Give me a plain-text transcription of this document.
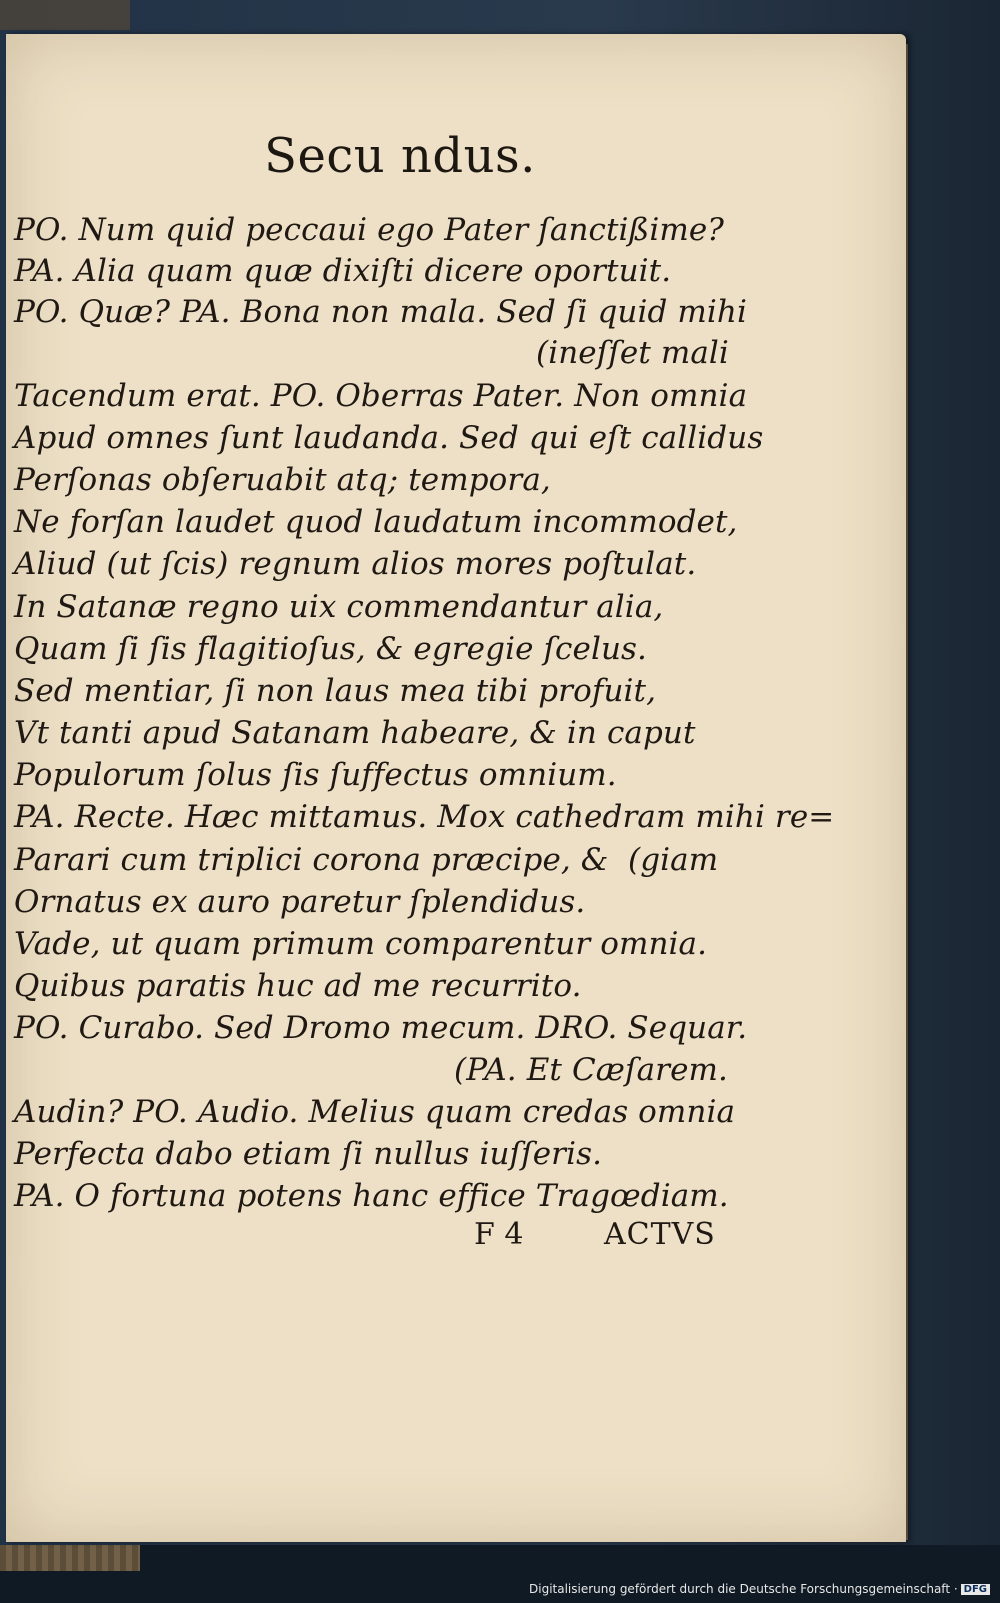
Secu ndus.
PO. Num quid peccaui ego Pater ſanctißime?
PA. Alia quam quæ dixiſti dicere oportuit.
PO. Quæ? PA. Bona non mala. Sed ſi quid mihi
(ineſſet mali
Tacendum erat. PO. Oberras Pater. Non omnia
Apud omnes ſunt laudanda. Sed qui eſt callidus
Perſonas obſeruabit atq; tempora,
Ne forſan laudet quod laudatum incommodet,
Aliud (ut ſcis) regnum alios mores poſtulat.
In Satanæ regno uix commendantur alia,
Quam ſi ſis flagitioſus, & egregie ſcelus.
Sed mentiar, ſi non laus mea tibi profuit,
Vt tanti apud Satanam habeare, & in caput
Populorum ſolus ſis ſuffectus omnium.
PA. Recte. Hæc mittamus. Mox cathedram mihi re=
Parari cum triplici corona præcipe, & (giam
Ornatus ex auro paretur ſplendidus.
Vade, ut quam primum comparentur omnia.
Quibus paratis huc ad me recurrito.
PO. Curabo. Sed Dromo mecum. DRO. Sequar.
(PA. Et Cæſarem.
Audin? PO. Audio. Melius quam credas omnia
Perfecta dabo etiam ſi nullus iuſſeris.
PA. O fortuna potens hanc effice Tragœdiam.
F 4	ACTVS
Digitalisierung gefördert durch die Deutsche Forschungsgemeinschaft · DFG
